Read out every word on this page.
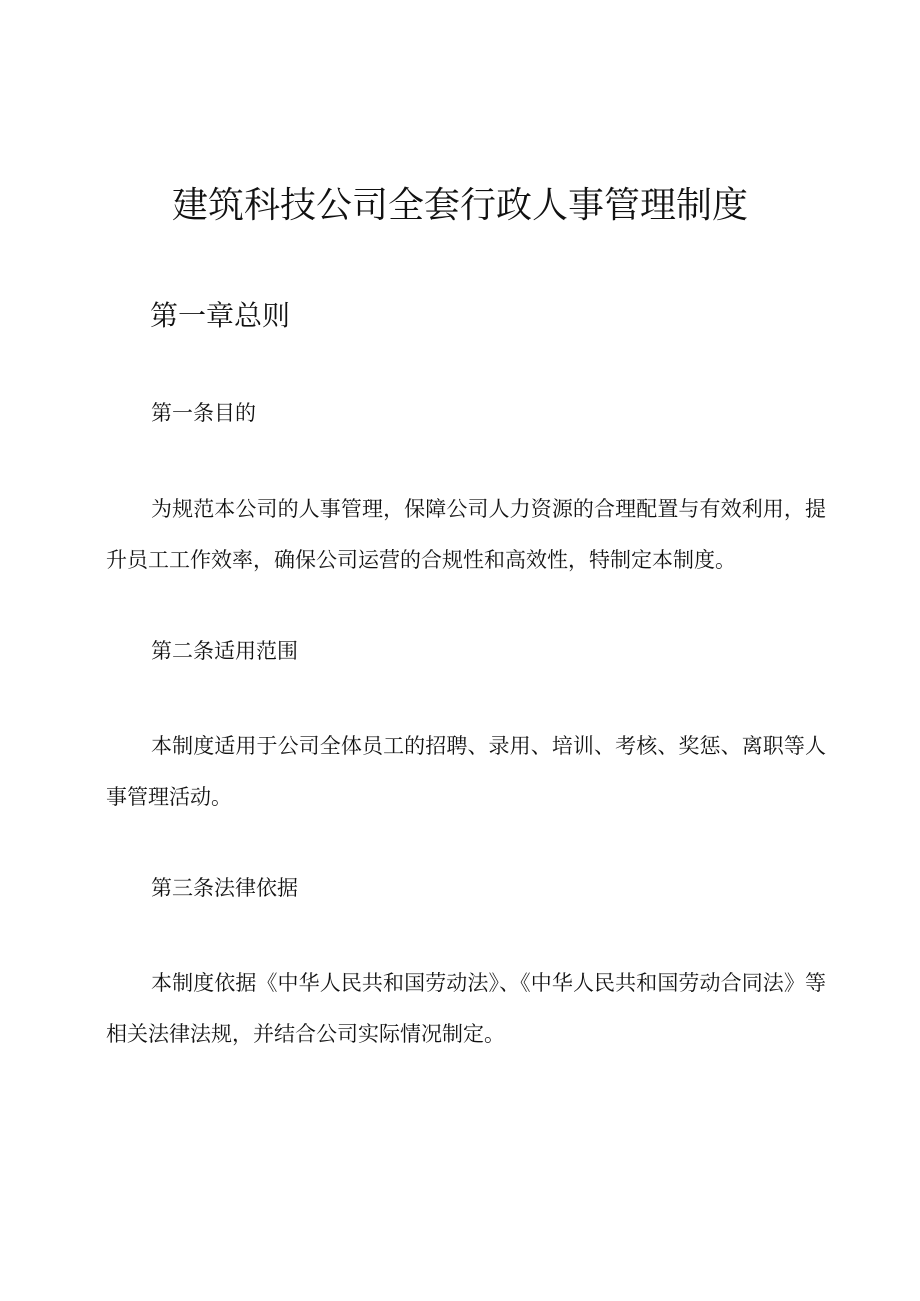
建筑科技公司全套行政人事管理制度
第一章总则
第一条目的

为规范本公司的人事管理，保障公司人力资源的合理配置与有效利用，提升员工工作效率，确保公司运营的合规性和高效性，特制定本制度。

第二条适用范围

本制度适用于公司全体员工的招聘、录用、培训、考核、奖惩、离职等人事管理活动。

第三条法律依据

本制度依据《中华人民共和国劳动法》、《中华人民共和国劳动合同法》等相关法律法规，并结合公司实际情况制定。
